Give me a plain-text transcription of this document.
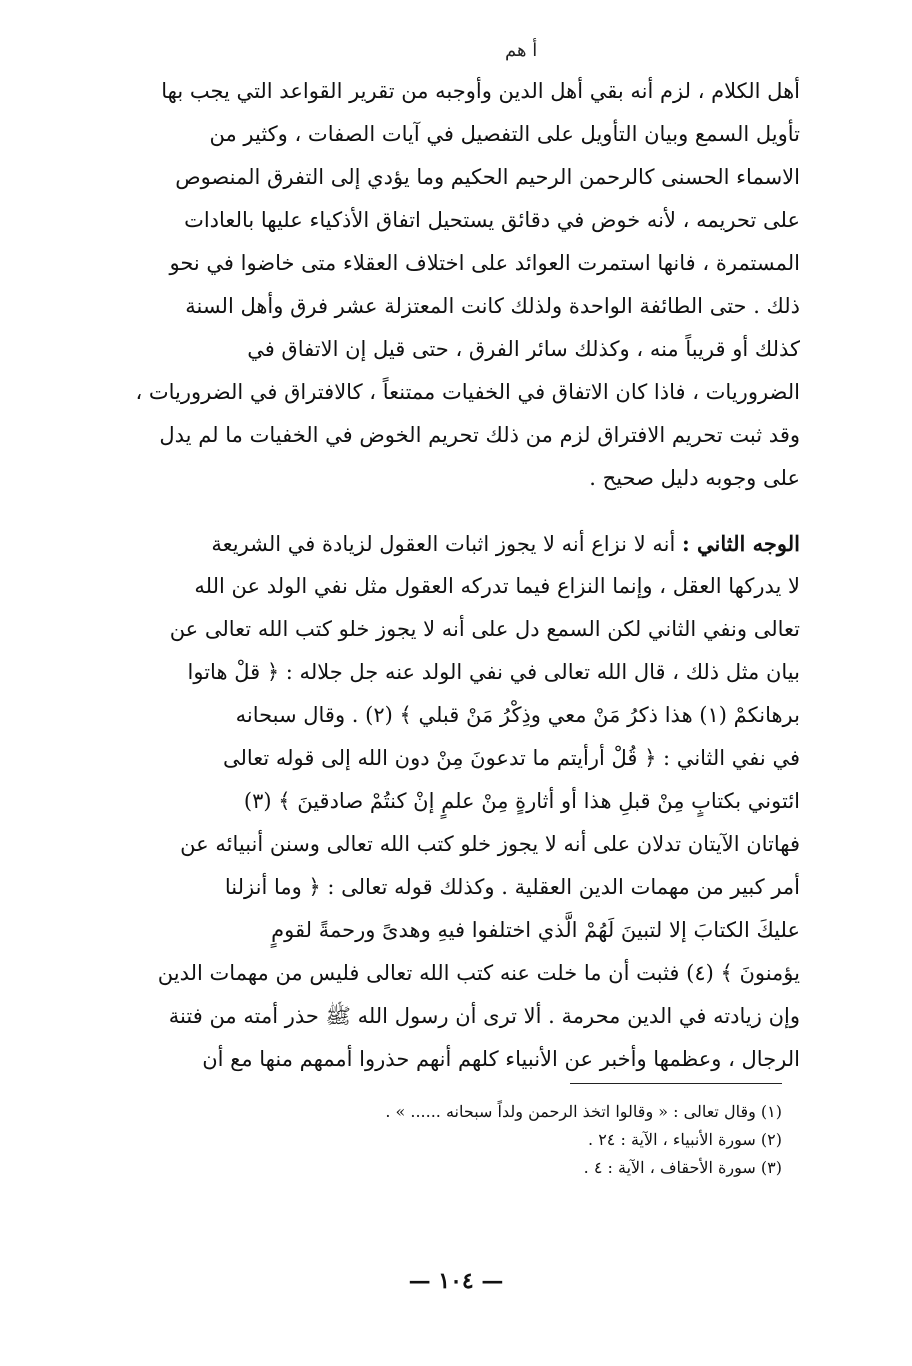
أ هم
أهل الكلام ، لزم أنه بقي أهل الدين وأوجبه من تقرير القواعد التي يجب بها
تأويل السمع وبيان التأويل على التفصيل في آيات الصفات ، وكثير من
الاسماء الحسنى كالرحمن الرحيم الحكيم وما يؤدي إلى التفرق المنصوص
على تحريمه ، لأنه خوض في دقائق يستحيل اتفاق الأذكياء عليها بالعادات
المستمرة ، فانها استمرت العوائد على اختلاف العقلاء متى خاضوا في نحو
ذلك . حتى الطائفة الواحدة ولذلك كانت المعتزلة عشر فرق وأهل السنة
كذلك أو قريباً منه ، وكذلك سائر الفرق ، حتى قيل إن الاتفاق في
الضروريات ، فاذا كان الاتفاق في الخفيات ممتنعاً ، كالافتراق في الضروريات ،
وقد ثبت تحريم الافتراق لزم من ذلك تحريم الخوض في الخفيات ما لم يدل
على وجوبه دليل صحيح .
الوجه الثاني : أنه لا نزاع أنه لا يجوز اثبات العقول لزيادة في الشريعة
لا يدركها العقل ، وإنما النزاع فيما تدركه العقول مثل نفي الولد عن الله
تعالى ونفي الثاني لكن السمع دل على أنه لا يجوز خلو كتب الله تعالى عن
بيان مثل ذلك ، قال الله تعالى في نفي الولد عنه جل جلاله : ﴿ قلْ هاتوا
برهانكمْ (١) هذا ذكرُ مَنْ معي وذِكْرُ مَنْ قبلي ﴾ (٢) . وقال سبحانه
في نفي الثاني : ﴿ قُلْ أرأيتم ما تدعونَ مِنْ دون الله إلى قوله تعالى
ائتوني بكتابٍ مِنْ قبلِ هذا أو أثارةٍ مِنْ علمٍ إنْ كنتُمْ صادقينَ ﴾ (٣)
فهاتان الآيتان تدلان على أنه لا يجوز خلو كتب الله تعالى وسنن أنبيائه عن
أمر كبير من مهمات الدين العقلية . وكذلك قوله تعالى : ﴿ وما أنزلنا
عليكَ الكتابَ إلا لتبينَ لَهُمْ الَّذي اختلفوا فيهِ وهدىً ورحمةً لقومٍ
يؤمنونَ ﴾ (٤) فثبت أن ما خلت عنه كتب الله تعالى فليس من مهمات الدين
وإن زيادته في الدين محرمة . ألا ترى أن رسول الله ﷺ حذر أمته من فتنة
الرجال ، وعظمها وأخبر عن الأنبياء كلهم أنهم حذروا أممهم منها مع أن
(١) وقال تعالى : « وقالوا اتخذ الرحمن ولداً سبحانه ...... » .
(٢) سورة الأنبياء ، الآية : ٢٤ .
(٣) سورة الأحقاف ، الآية : ٤ .
— ١٠٤ —
